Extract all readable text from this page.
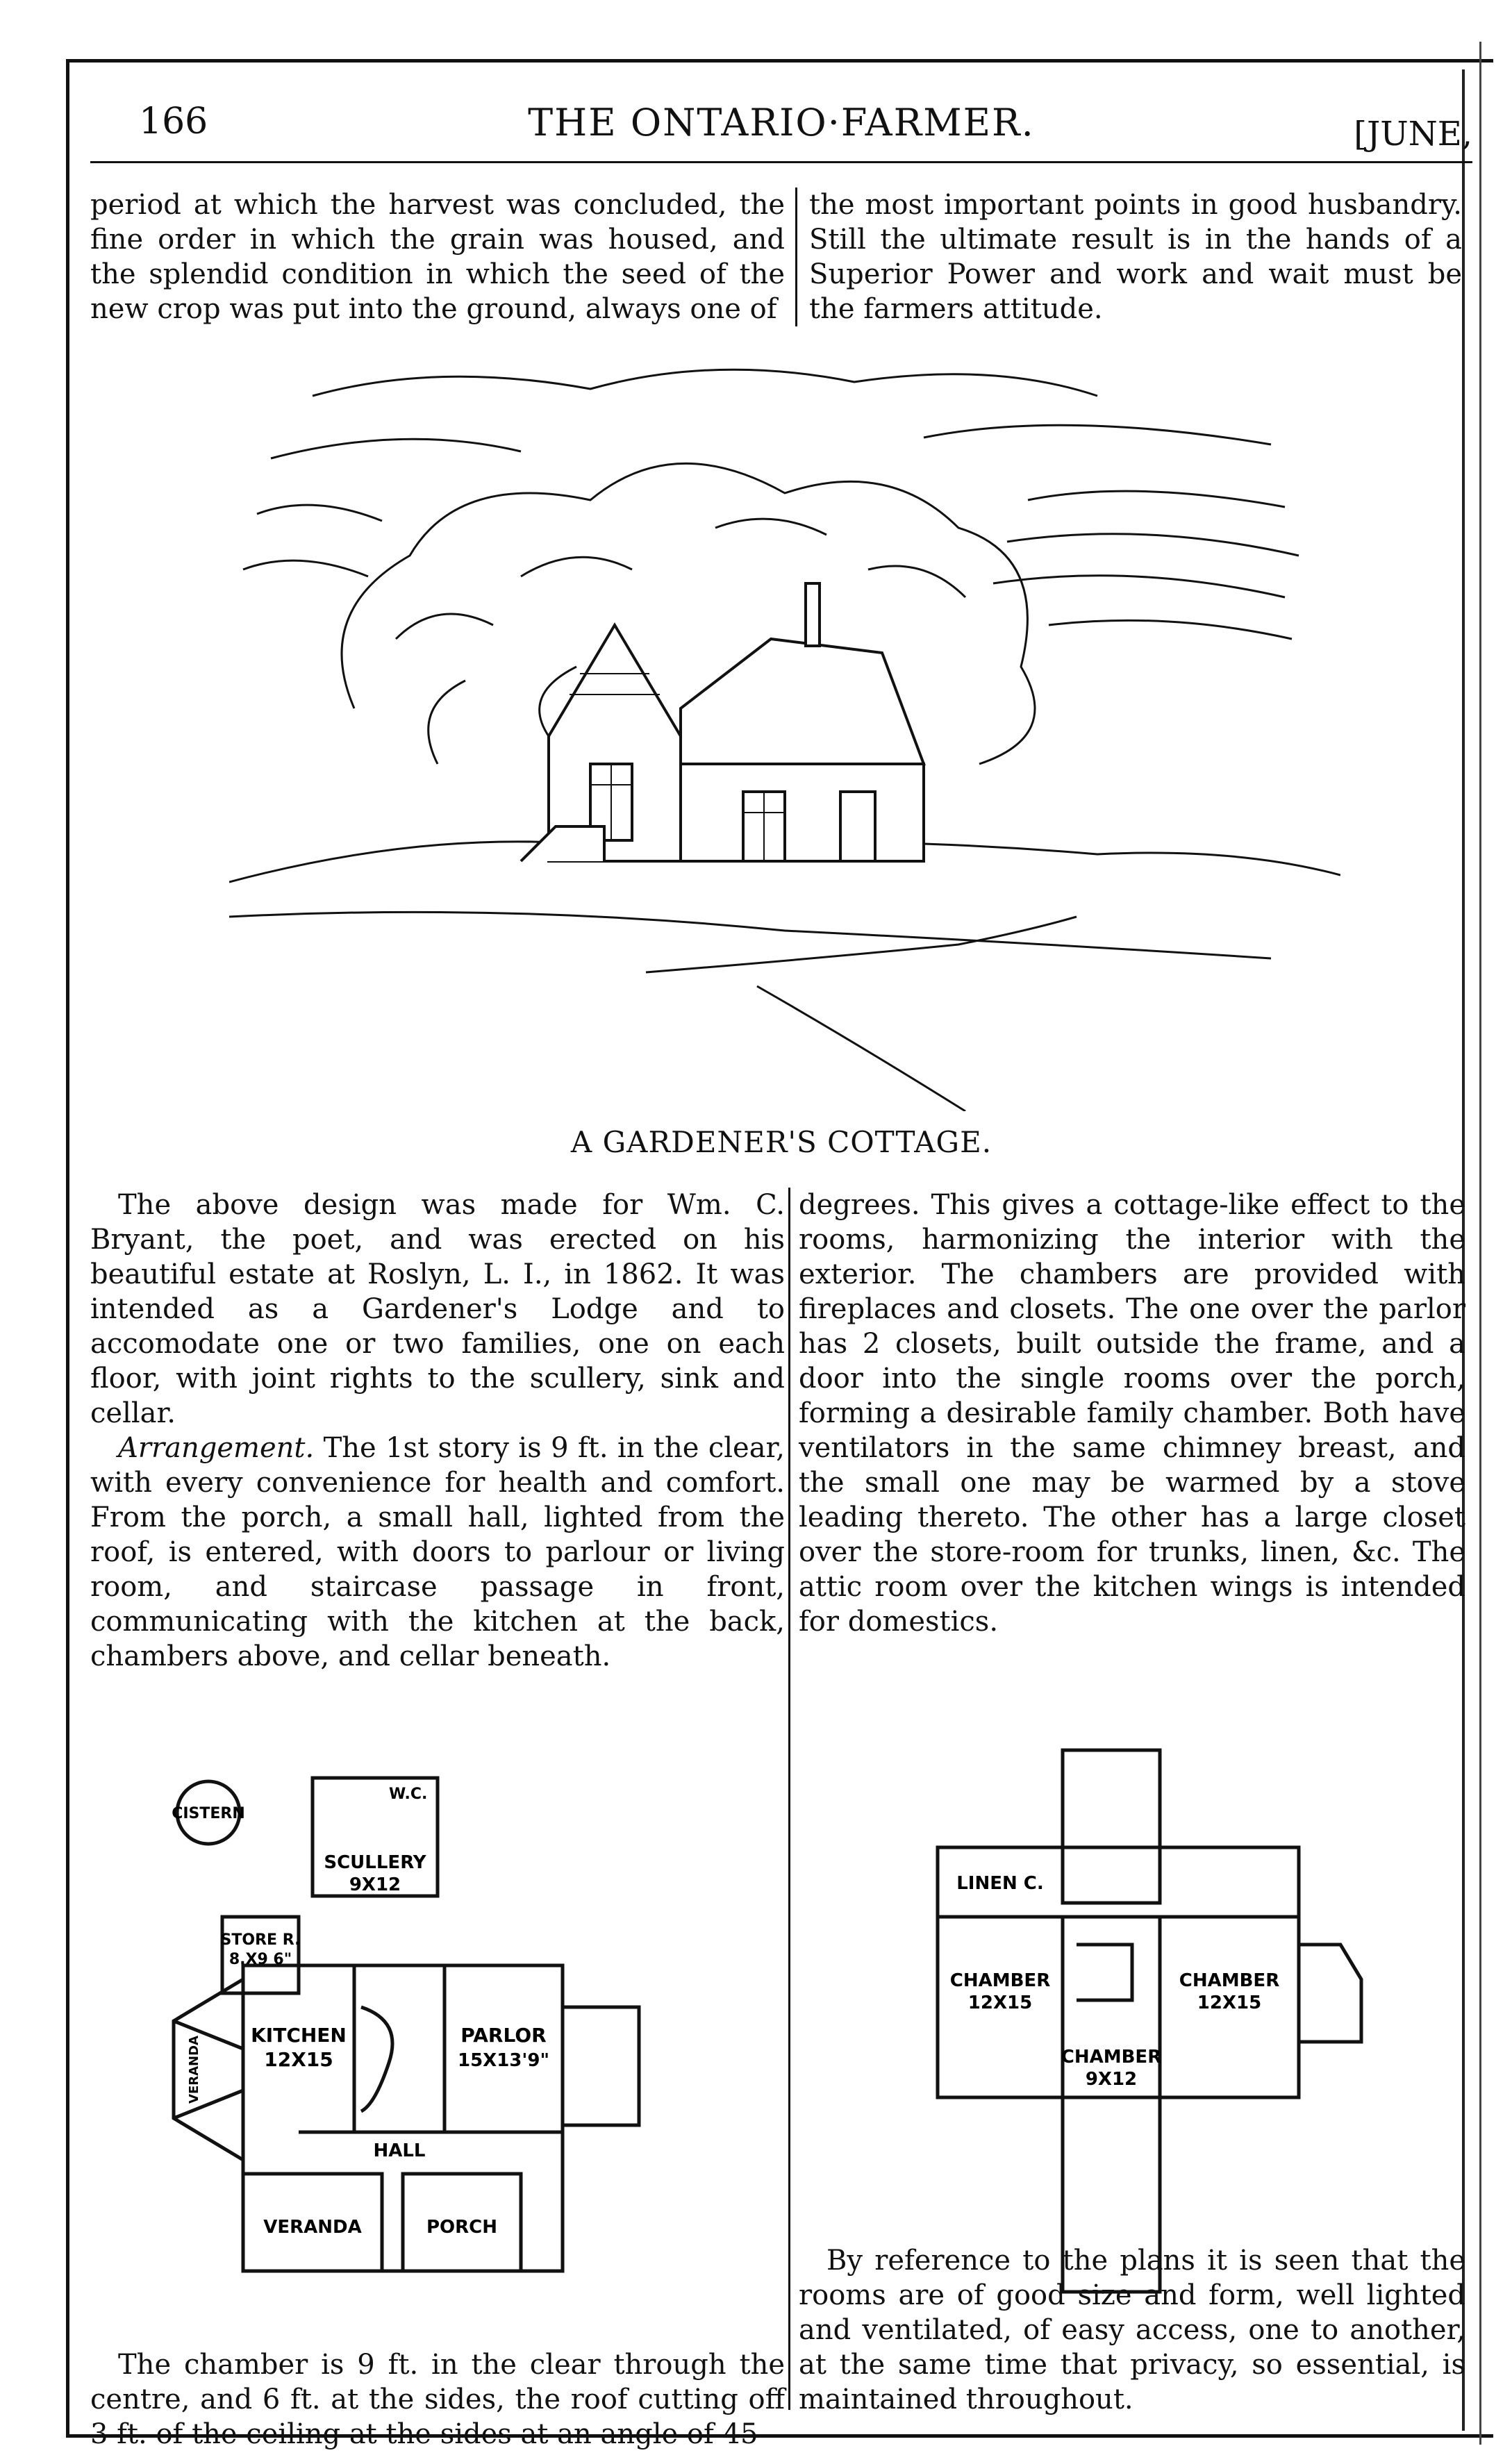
166	THE ONTARIO·FARMER.	[JUNE,

period at which the harvest was concluded, the fine order in which the grain was housed, and the splendid condition in which the seed of the new crop was put into the ground, always one of

the most important points in good husbandry. Still the ultimate result is in the hands of a Superior Power and work and wait must be the farmers attitude.

A GARDENER'S COTTAGE.

The above design was made for Wm. C. Bryant, the poet, and was erected on his beautiful estate at Roslyn, L. I., in 1862. It was intended as a Gardener's Lodge and to accomodate one or two families, one on each floor, with joint rights to the scullery, sink and cellar.

Arrangement. The 1st story is 9 ft. in the clear, with every convenience for health and comfort. From the porch, a small hall, lighted from the roof, is entered, with doors to parlour or living room, and staircase passage in front, communicating with the kitchen at the back, chambers above, and cellar beneath.

degrees. This gives a cottage-like effect to the rooms, harmonizing the interior with the exterior. The chambers are provided with fireplaces and closets. The one over the parlor has 2 closets, built outside the frame, and a door into the single rooms over the porch, forming a desirable family chamber. Both have ventilators in the same chimney breast, and the small one may be warmed by a stove leading thereto. The other has a large closet over the store-room for trunks, linen, &c. The attic room over the kitchen wings is intended for domestics.

CISTERN
W.C.
SCULLERY
9X12
STORE R.
8.X9 6"
KITCHEN
12X15
PARLOR
15X13'9"
HALL
VERANDA	PORCH
VERANDA
LINEN C.
CHAMBER
12X15
CHAMBER
12X15
CHAMBER
9X12

The chamber is 9 ft. in the clear through the centre, and 6 ft. at the sides, the roof cutting off 3 ft. of the ceiling at the sides at an angle of 45

By reference to the plans it is seen that the rooms are of good size and form, well lighted and ventilated, of easy access, one to another, at the same time that privacy, so essential, is maintained throughout.
